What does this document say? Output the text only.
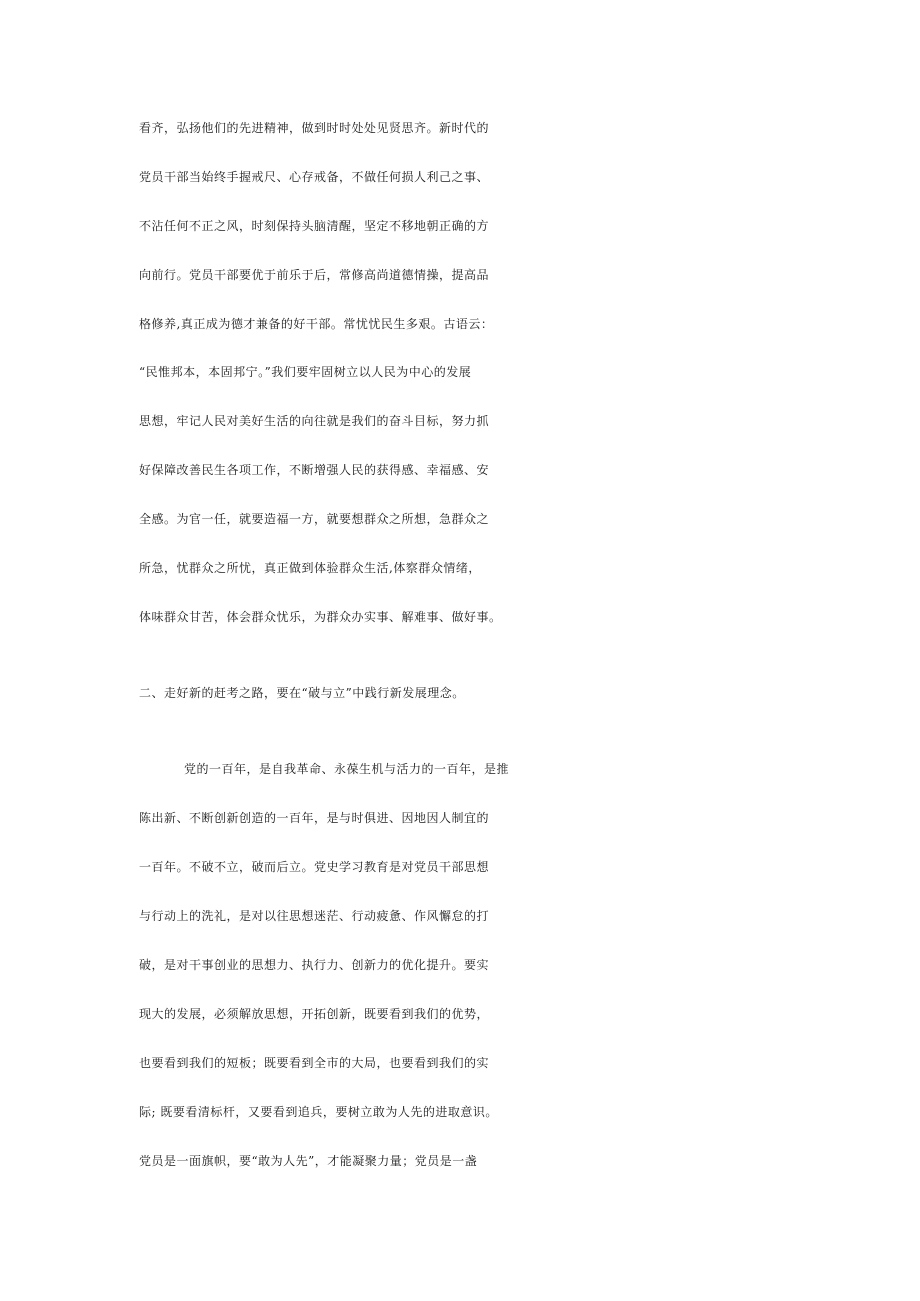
看齐，弘扬他们的先进精神，做到时时处处见贤思齐。新时代的
党员干部当始终手握戒尺、心存戒备，不做任何损人利己之事、
不沾任何不正之风，时刻保持头脑清醒，坚定不移地朝正确的方
向前行。党员干部要优于前乐于后，常修高尚道德情操，提高品
格修养,真正成为德才兼备的好干部。常忧忧民生多艰。古语云：
“民惟邦本，本固邦宁。”我们要牢固树立以人民为中心的发展
思想，牢记人民对美好生活的向往就是我们的奋斗目标，努力抓
好保障改善民生各项工作，不断增强人民的获得感、幸福感、安
全感。为官一任，就要造福一方，就要想群众之所想，急群众之
所急，忧群众之所忧，真正做到体验群众生活,体察群众情绪，
体味群众甘苦，体会群众忧乐，为群众办实事、解难事、做好事。
二、走好新的赶考之路，要在“破与立”中践行新发展理念。
党的一百年，是自我革命、永葆生机与活力的一百年，是推
陈出新、不断创新创造的一百年，是与时俱进、因地因人制宜的
一百年。不破不立，破而后立。党史学习教育是对党员干部思想
与行动上的洗礼，是对以往思想迷茫、行动疲惫、作风懈怠的打
破，是对干事创业的思想力、执行力、创新力的优化提升。要实
现大的发展，必须解放思想，开拓创新，既要看到我们的优势，
也要看到我们的短板；既要看到全市的大局，也要看到我们的实
际; 既要看清标杆，又要看到追兵，要树立敢为人先的进取意识。
党员是一面旗帜，要“敢为人先”，才能凝聚力量；党员是一盏
